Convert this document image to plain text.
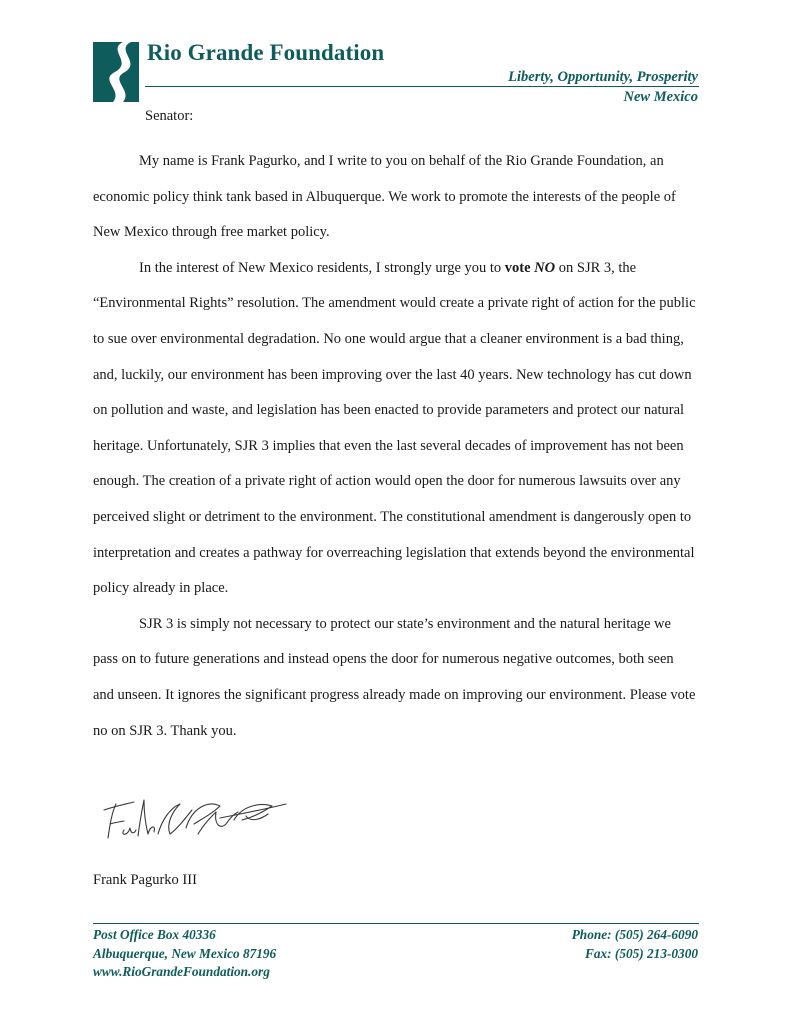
Rio Grande Foundation

Liberty, Opportunity, Prosperity

New Mexico

Senator:

My name is Frank Pagurko, and I write to you on behalf of the Rio Grande Foundation, an economic policy think tank based in Albuquerque. We work to promote the interests of the people of New Mexico through free market policy.

In the interest of New Mexico residents, I strongly urge you to vote NO on SJR 3, the “Environmental Rights” resolution. The amendment would create a private right of action for the public to sue over environmental degradation. No one would argue that a cleaner environment is a bad thing, and, luckily, our environment has been improving over the last 40 years. New technology has cut down on pollution and waste, and legislation has been enacted to provide parameters and protect our natural heritage. Unfortunately, SJR 3 implies that even the last several decades of improvement has not been enough. The creation of a private right of action would open the door for numerous lawsuits over any perceived slight or detriment to the environment. The constitutional amendment is dangerously open to interpretation and creates a pathway for overreaching legislation that extends beyond the environmental policy already in place.

SJR 3 is simply not necessary to protect our state’s environment and the natural heritage we pass on to future generations and instead opens the door for numerous negative outcomes, both seen and unseen. It ignores the significant progress already made on improving our environment. Please vote no on SJR 3. Thank you.

Frank Pagurko III

Post Office Box 40336
Albuquerque, New Mexico 87196
www.RioGrandeFoundation.org
Phone: (505) 264-6090
Fax: (505) 213-0300
